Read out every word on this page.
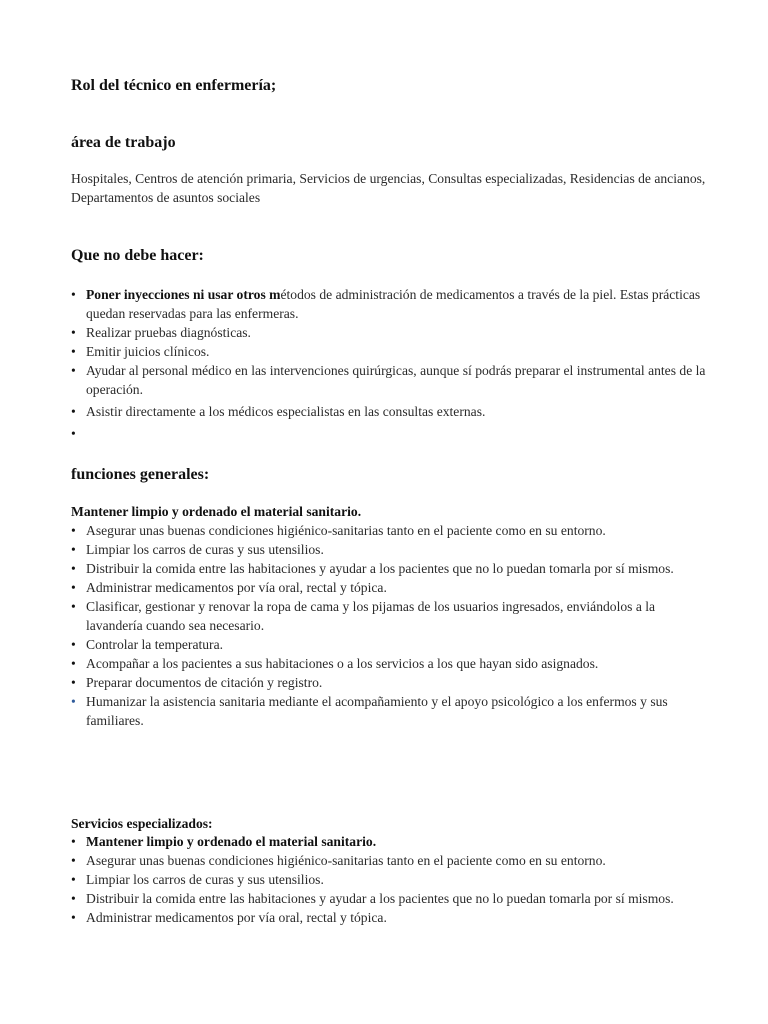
Rol del técnico en enfermería;
área de trabajo

Hospitales, Centros de atención primaria, Servicios de urgencias, Consultas especializadas, Residencias de ancianos, Departamentos de asuntos sociales

Que no debe hacer:
• Poner inyecciones ni usar otros métodos de administración de medicamentos a través de la piel. Estas prácticas quedan reservadas para las enfermeras.
• Realizar pruebas diagnósticas.
• Emitir juicios clínicos.
• Ayudar al personal médico en las intervenciones quirúrgicas, aunque sí podrás preparar el instrumental antes de la operación.
• Asistir directamente a los médicos especialistas en las consultas externas.
•

funciones generales:

Mantener limpio y ordenado el material sanitario.

• Asegurar unas buenas condiciones higiénico-sanitarias tanto en el paciente como en su entorno.
• Limpiar los carros de curas y sus utensilios.
• Distribuir la comida entre las habitaciones y ayudar a los pacientes que no lo puedan tomarla por sí mismos.
• Administrar medicamentos por vía oral, rectal y tópica.
• Clasificar, gestionar y renovar la ropa de cama y los pijamas de los usuarios ingresados, enviándolos a la lavandería cuando sea necesario.
• Controlar la temperatura.
• Acompañar a los pacientes a sus habitaciones o a los servicios a los que hayan sido asignados.
• Preparar documentos de citación y registro.
• Humanizar la asistencia sanitaria mediante el acompañamiento y el apoyo psicológico a los enfermos y sus familiares.

Servicios especializados:

• Mantener limpio y ordenado el material sanitario.
• Asegurar unas buenas condiciones higiénico-sanitarias tanto en el paciente como en su entorno.
• Limpiar los carros de curas y sus utensilios.
• Distribuir la comida entre las habitaciones y ayudar a los pacientes que no lo puedan tomarla por sí mismos.
• Administrar medicamentos por vía oral, rectal y tópica.
